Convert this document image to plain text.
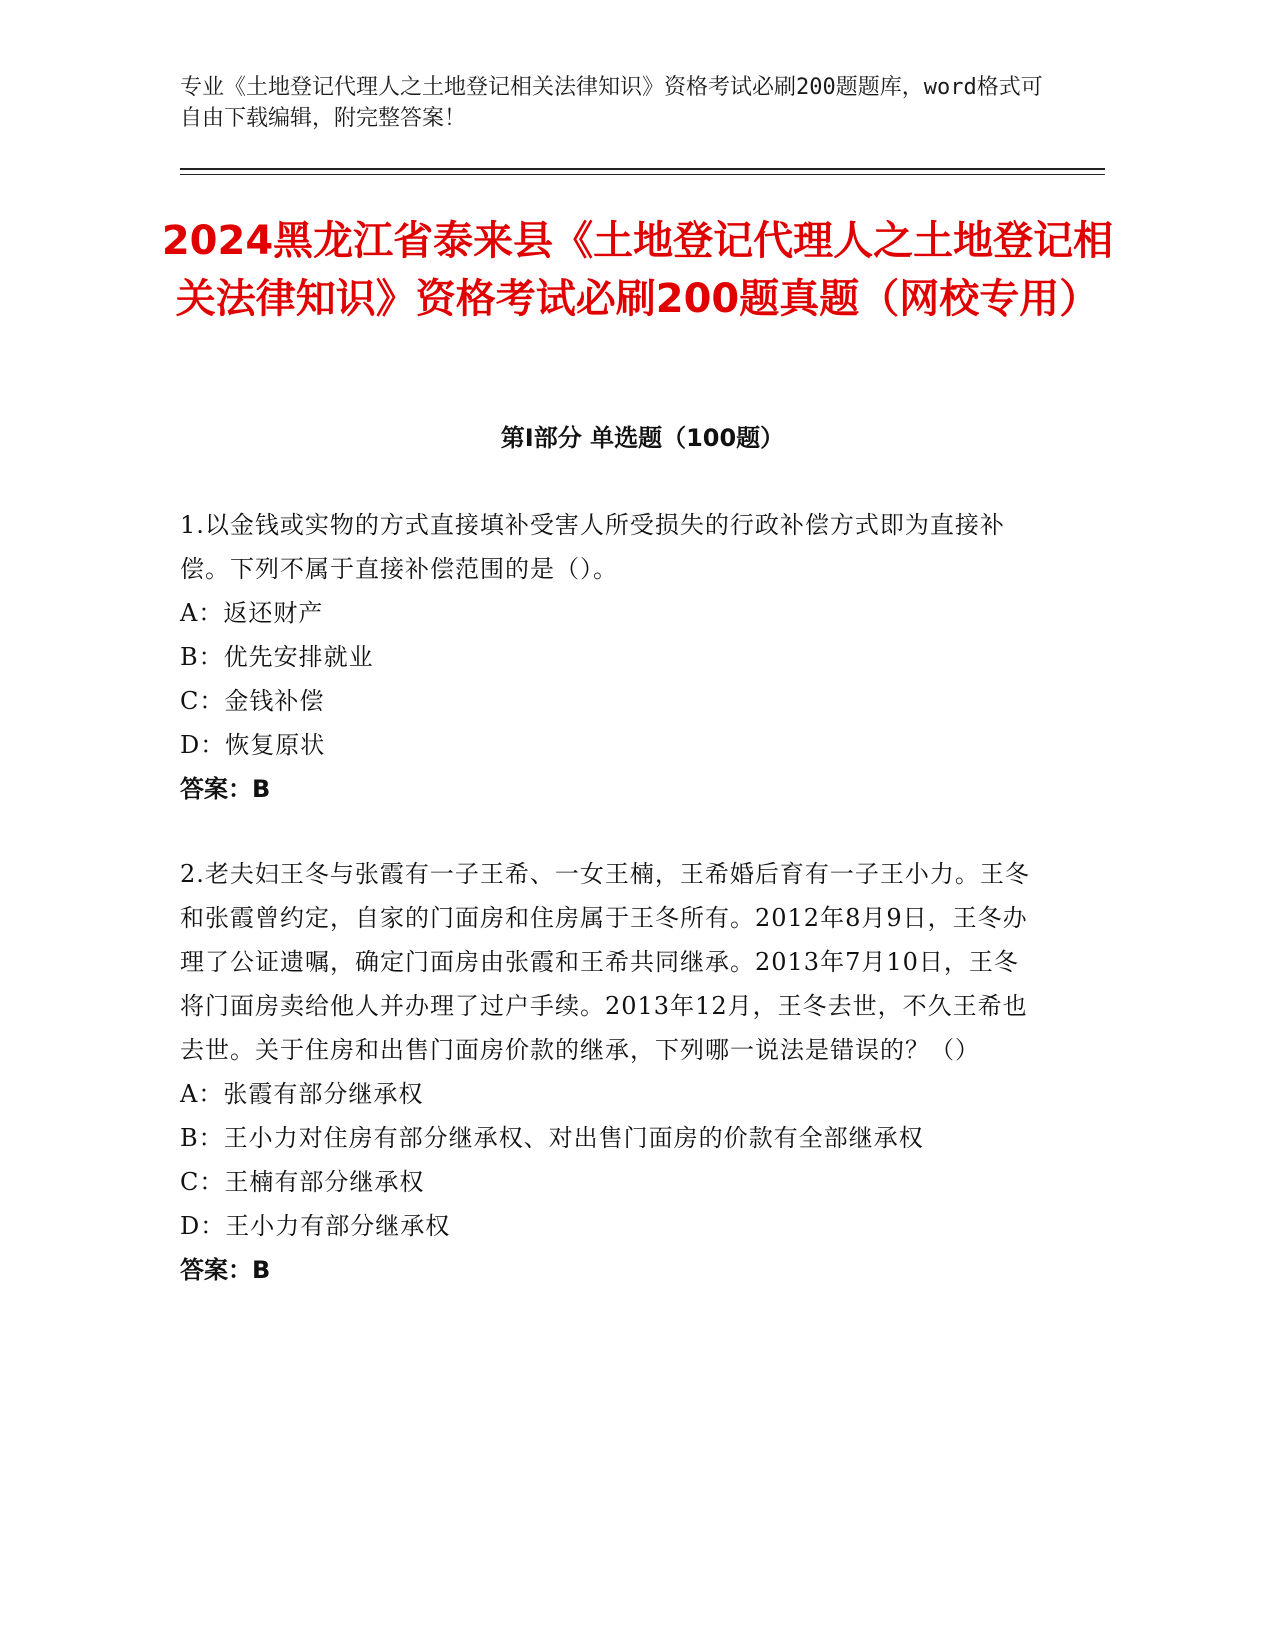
专业《土地登记代理人之土地登记相关法律知识》资格考试必刷200题题库，word格式可自由下载编辑，附完整答案！
2024黑龙江省泰来县《土地登记代理人之土地登记相关法律知识》资格考试必刷200题真题（网校专用）
第Ⅰ部分 单选题（100题）

1.以金钱或实物的方式直接填补受害人所受损失的行政补偿方式即为直接补偿。下列不属于直接补偿范围的是（）。

A：返还财产

B：优先安排就业

C：金钱补偿

D：恢复原状

答案：B

2.老夫妇王冬与张霞有一子王希、一女王楠，王希婚后育有一子王小力。王冬和张霞曾约定，自家的门面房和住房属于王冬所有。2012年8月9日，王冬办理了公证遗嘱，确定门面房由张霞和王希共同继承。2013年7月10日，王冬将门面房卖给他人并办理了过户手续。2013年12月，王冬去世，不久王希也去世。关于住房和出售门面房价款的继承，下列哪一说法是错误的？（）

A：张霞有部分继承权

B：王小力对住房有部分继承权、对出售门面房的价款有全部继承权

C：王楠有部分继承权

D：王小力有部分继承权

答案：B
